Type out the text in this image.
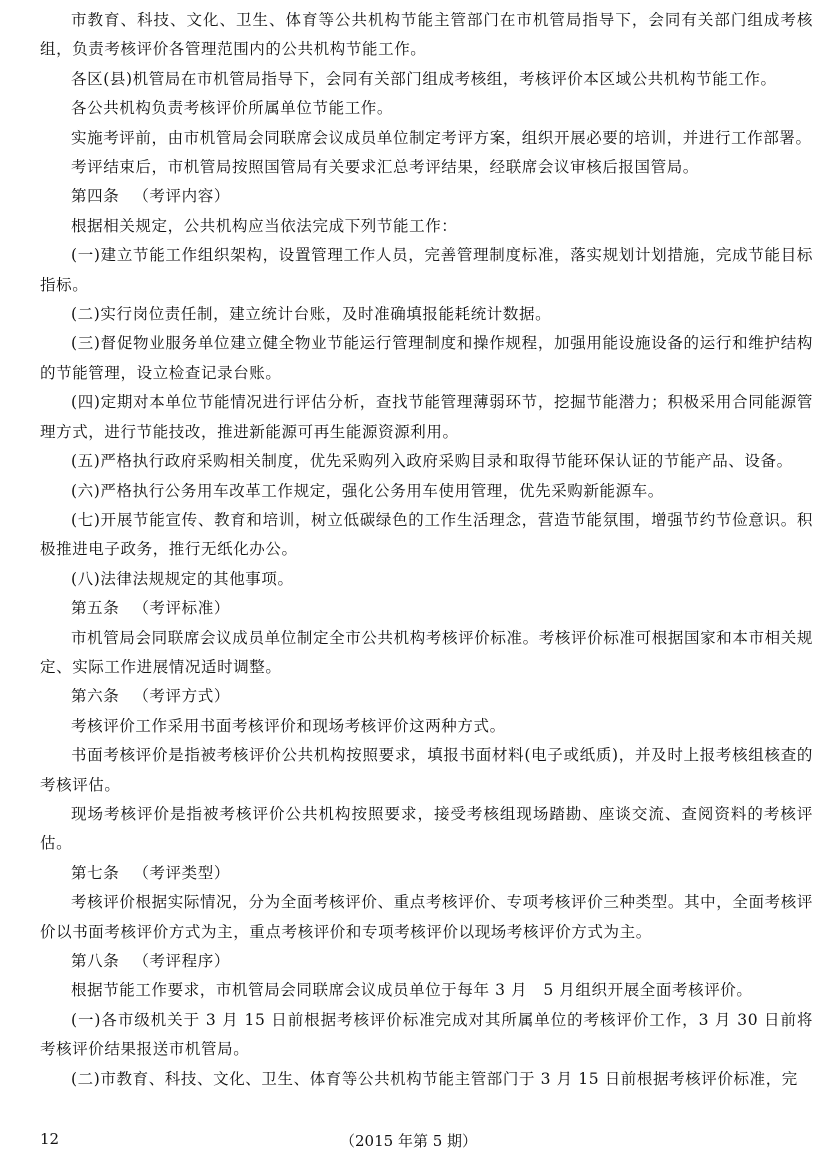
市教育、科技、文化、卫生、体育等公共机构节能主管部门在市机管局指导下，会同有关部门组成考核组，负责考核评价各管理范围内的公共机构节能工作。

各区(县)机管局在市机管局指导下，会同有关部门组成考核组，考核评价本区域公共机构节能工作。

各公共机构负责考核评价所属单位节能工作。

实施考评前，由市机管局会同联席会议成员单位制定考评方案，组织开展必要的培训，并进行工作部署。

考评结束后，市机管局按照国管局有关要求汇总考评结果，经联席会议审核后报国管局。

第四条 （考评内容）

根据相关规定，公共机构应当依法完成下列节能工作：

(一)建立节能工作组织架构，设置管理工作人员，完善管理制度标准，落实规划计划措施，完成节能目标指标。

(二)实行岗位责任制，建立统计台账，及时准确填报能耗统计数据。

(三)督促物业服务单位建立健全物业节能运行管理制度和操作规程，加强用能设施设备的运行和维护结构的节能管理，设立检查记录台账。

(四)定期对本单位节能情况进行评估分析，查找节能管理薄弱环节，挖掘节能潜力；积极采用合同能源管理方式，进行节能技改，推进新能源可再生能源资源利用。

(五)严格执行政府采购相关制度，优先采购列入政府采购目录和取得节能环保认证的节能产品、设备。

(六)严格执行公务用车改革工作规定，强化公务用车使用管理，优先采购新能源车。

(七)开展节能宣传、教育和培训，树立低碳绿色的工作生活理念，营造节能氛围，增强节约节俭意识。积极推进电子政务，推行无纸化办公。

(八)法律法规规定的其他事项。

第五条 （考评标准）

市机管局会同联席会议成员单位制定全市公共机构考核评价标准。考核评价标准可根据国家和本市相关规定、实际工作进展情况适时调整。

第六条 （考评方式）

考核评价工作采用书面考核评价和现场考核评价这两种方式。

书面考核评价是指被考核评价公共机构按照要求，填报书面材料(电子或纸质)，并及时上报考核组核查的考核评估。

现场考核评价是指被考核评价公共机构按照要求，接受考核组现场踏勘、座谈交流、查阅资料的考核评估。

第七条 （考评类型）

考核评价根据实际情况，分为全面考核评价、重点考核评价、专项考核评价三种类型。其中，全面考核评价以书面考核评价方式为主，重点考核评价和专项考核评价以现场考核评价方式为主。

第八条 （考评程序）

根据节能工作要求，市机管局会同联席会议成员单位于每年 3 月　5 月组织开展全面考核评价。

(一)各市级机关于 3 月 15 日前根据考核评价标准完成对其所属单位的考核评价工作，3 月 30 日前将考核评价结果报送市机管局。

(二)市教育、科技、文化、卫生、体育等公共机构节能主管部门于 3 月 15 日前根据考核评价标准，完

12	（2015 年第 5 期）
